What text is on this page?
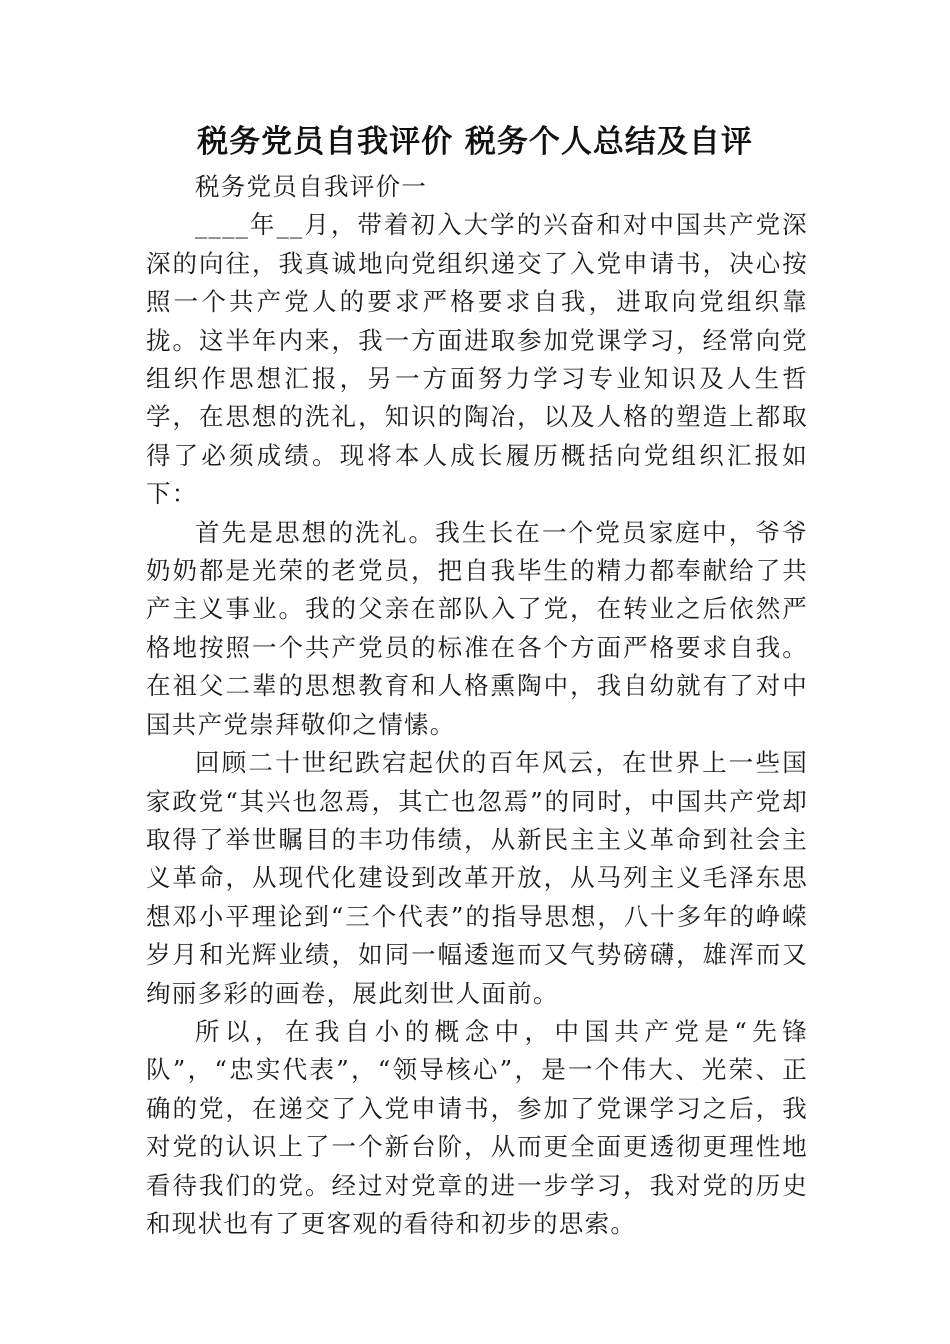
税务党员自我评价 税务个人总结及自评

税务党员自我评价一

____年__月，带着初入大学的兴奋和对中国共产党深深的向往，我真诚地向党组织递交了入党申请书，决心按照一个共产党人的要求严格要求自我，进取向党组织靠拢。这半年内来，我一方面进取参加党课学习，经常向党组织作思想汇报，另一方面努力学习专业知识及人生哲学，在思想的洗礼，知识的陶冶，以及人格的塑造上都取得了必须成绩。现将本人成长履历概括向党组织汇报如下：

首先是思想的洗礼。我生长在一个党员家庭中，爷爷奶奶都是光荣的老党员，把自我毕生的精力都奉献给了共产主义事业。我的父亲在部队入了党，在转业之后依然严格地按照一个共产党员的标准在各个方面严格要求自我。在祖父二辈的思想教育和人格熏陶中，我自幼就有了对中国共产党崇拜敬仰之情愫。

回顾二十世纪跌宕起伏的百年风云，在世界上一些国家政党“其兴也忽焉，其亡也忽焉”的同时，中国共产党却取得了举世瞩目的丰功伟绩，从新民主主义革命到社会主义革命，从现代化建设到改革开放，从马列主义毛泽东思想邓小平理论到“三个代表”的指导思想，八十多年的峥嵘岁月和光辉业绩，如同一幅逶迤而又气势磅礴，雄浑而又绚丽多彩的画卷，展此刻世人面前。

所以，在我自小的概念中，中国共产党是“先锋队”，“忠实代表”，“领导核心”，是一个伟大、光荣、正确的党，在递交了入党申请书，参加了党课学习之后，我对党的认识上了一个新台阶，从而更全面更透彻更理性地看待我们的党。经过对党章的进一步学习，我对党的历史和现状也有了更客观的看待和初步的思索。
